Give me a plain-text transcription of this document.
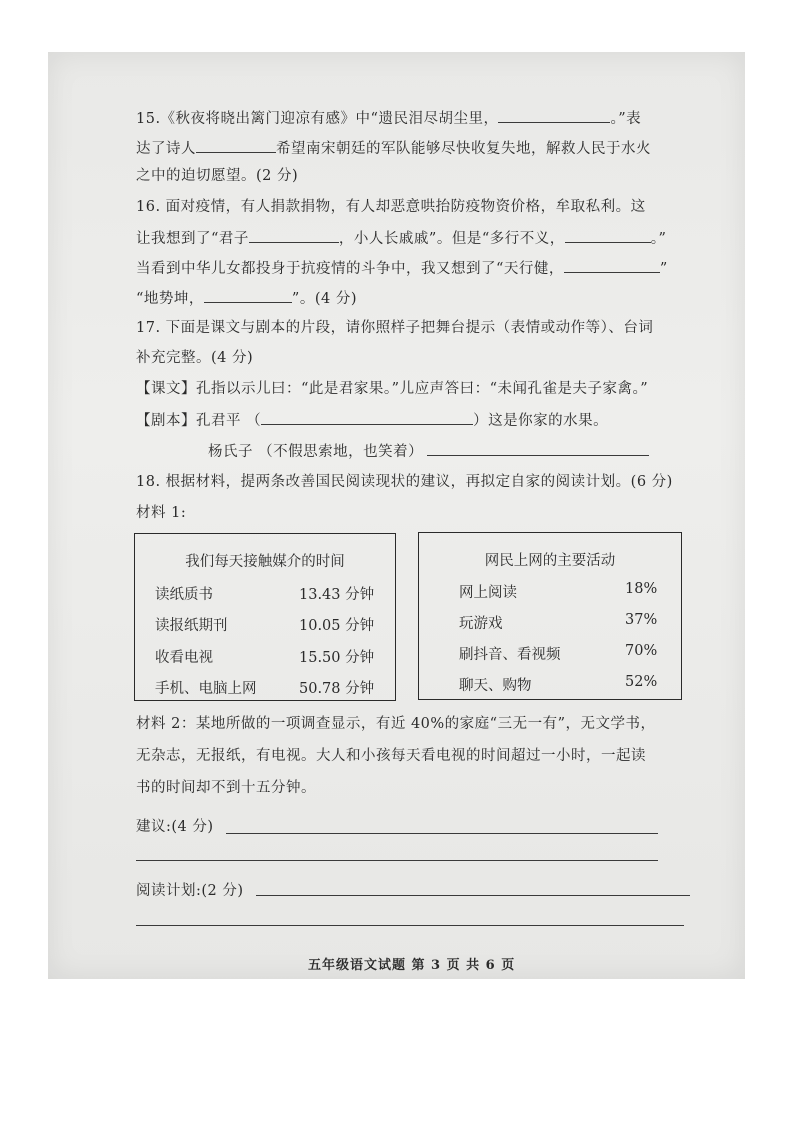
15.《秋夜将晓出篱门迎凉有感》中“遗民泪尽胡尘里，	。”表
达了诗人	希望南宋朝廷的军队能够尽快收复失地，解救人民于水火
之中的迫切愿望。(2 分)
16. 面对疫情，有人捐款捐物，有人却恶意哄抬防疫物资价格，牟取私利。这
让我想到了“君子	，小人长戚戚”。但是“多行不义，	。”
当看到中华儿女都投身于抗疫情的斗争中，我又想到了“天行健，	”
“地势坤，	”。(4 分)
17. 下面是课文与剧本的片段，请你照样子把舞台提示（表情或动作等）、台词
补充完整。(4 分)
【课文】孔指以示儿曰：“此是君家果。”儿应声答曰：“未闻孔雀是夫子家禽。”
【剧本】孔君平 （	）这是你家的水果。
杨氏子 （不假思索地，也笑着）
18. 根据材料，提两条改善国民阅读现状的建议，再拟定自家的阅读计划。(6 分)
材料 1:
我们每天接触媒介的时间
读纸质书	13.43 分钟
读报纸期刊	10.05 分钟
收看电视	15.50 分钟
手机、电脑上网	50.78 分钟
网民上网的主要活动
网上阅读	18%
玩游戏	37%
刷抖音、看视频	70%
聊天、购物	52%
材料 2：某地所做的一项调查显示，有近 40%的家庭“三无一有”，无文学书，
无杂志，无报纸，有电视。大人和小孩每天看电视的时间超过一小时，一起读
书的时间却不到十五分钟。
建议:(4 分)
阅读计划:(2 分)
五年级语文试题 第 3 页 共 6 页
